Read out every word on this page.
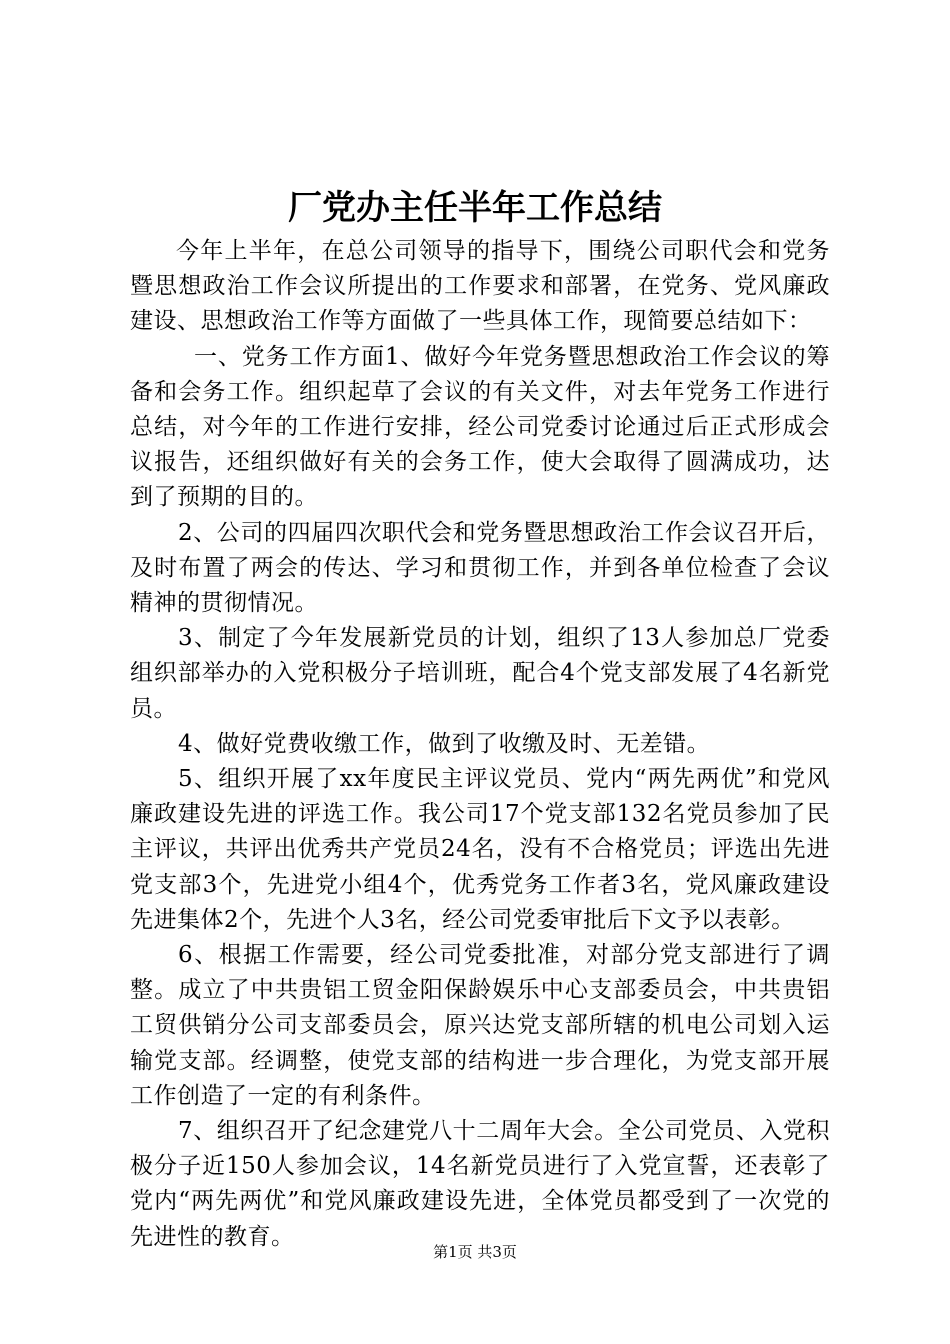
厂党办主任半年工作总结

今年上半年，在总公司领导的指导下，围绕公司职代会和党务暨思想政治工作会议所提出的工作要求和部署，在党务、党风廉政建设、思想政治工作等方面做了一些具体工作，现简要总结如下：

一、党务工作方面1、做好今年党务暨思想政治工作会议的筹备和会务工作。组织起草了会议的有关文件，对去年党务工作进行总结，对今年的工作进行安排，经公司党委讨论通过后正式形成会议报告，还组织做好有关的会务工作，使大会取得了圆满成功，达到了预期的目的。

2、公司的四届四次职代会和党务暨思想政治工作会议召开后，及时布置了两会的传达、学习和贯彻工作，并到各单位检查了会议精神的贯彻情况。

3、制定了今年发展新党员的计划，组织了13人参加总厂党委组织部举办的入党积极分子培训班，配合4个党支部发展了4名新党员。

4、做好党费收缴工作，做到了收缴及时、无差错。

5、组织开展了xx年度民主评议党员、党内“两先两优”和党风廉政建设先进的评选工作。我公司17个党支部132名党员参加了民主评议，共评出优秀共产党员24名，没有不合格党员；评选出先进党支部3个，先进党小组4个，优秀党务工作者3名，党风廉政建设先进集体2个，先进个人3名，经公司党委审批后下文予以表彰。

6、根据工作需要，经公司党委批准，对部分党支部进行了调整。成立了中共贵铝工贸金阳保龄娱乐中心支部委员会，中共贵铝工贸供销分公司支部委员会，原兴达党支部所辖的机电公司划入运输党支部。经调整，使党支部的结构进一步合理化，为党支部开展工作创造了一定的有利条件。

7、组织召开了纪念建党八十二周年大会。全公司党员、入党积极分子近150人参加会议，14名新党员进行了入党宣誓，还表彰了党内“两先两优”和党风廉政建设先进，全体党员都受到了一次党的先进性的教育。

第1页 共3页
